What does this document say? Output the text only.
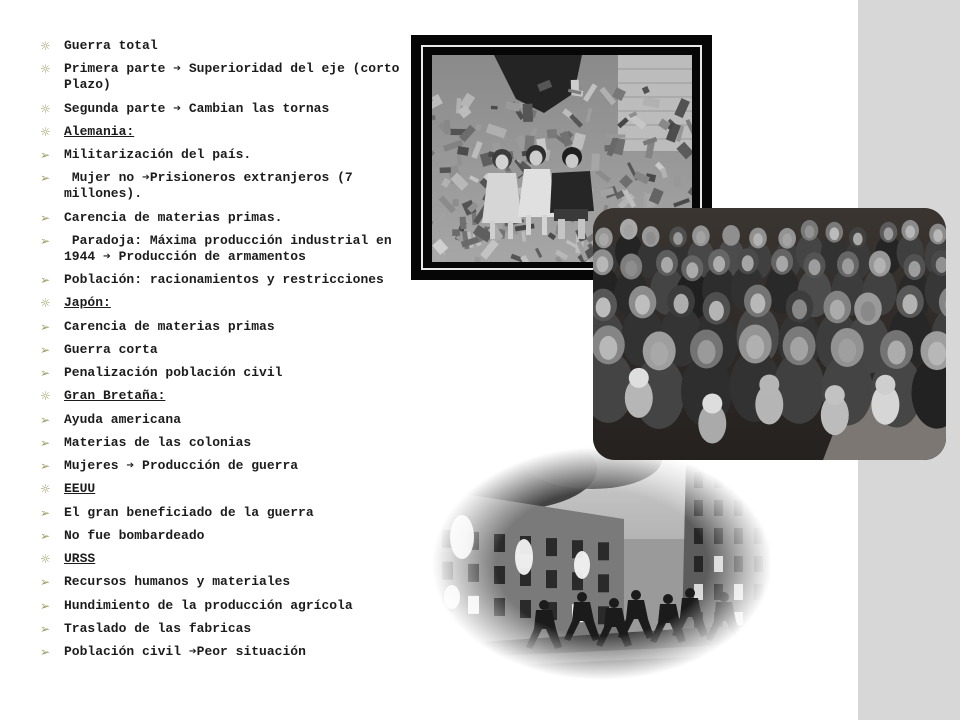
☼
Guerra total
☼
Primera parte ➔ Superioridad del eje (corto Plazo)
☼
Segunda parte ➔ Cambian las tornas
☼
Alemania:
➢
Militarización del país.
➢
Mujer no ➔Prisioneros extranjeros (7 millones).
➢
Carencia de materias primas.
➢
Paradoja: Máxima producción industrial en 1944 ➔ Producción de armamentos
➢
Población: racionamientos y restricciones
☼
Japón:
➢
Carencia de materias primas
➢
Guerra corta
➢
Penalización población civil
☼
Gran Bretaña:
➢
Ayuda americana
➢
Materias de las colonias
➢
Mujeres ➔ Producción de guerra
☼
EEUU
➢
El gran beneficiado de la guerra
➢
No fue bombardeado
☼
URSS
➢
Recursos humanos y materiales
➢
Hundimiento de la producción agrícola
➢
Traslado de las fabricas
➢
Población civil ➔Peor situación
